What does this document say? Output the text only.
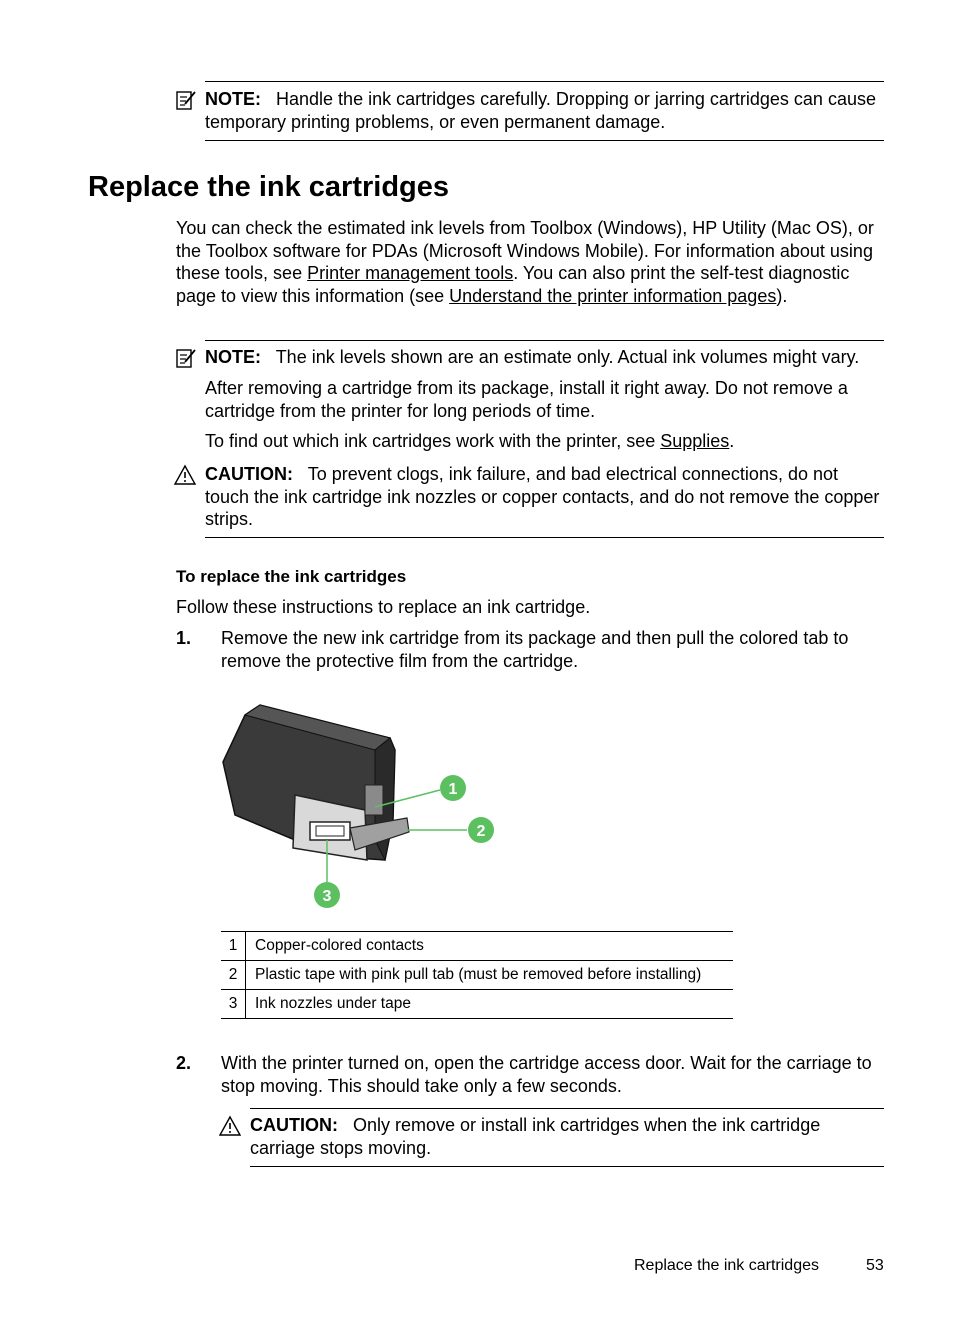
NOTE: Handle the ink cartridges carefully. Dropping or jarring cartridges can cause temporary printing problems, or even permanent damage.
Replace the ink cartridges
You can check the estimated ink levels from Toolbox (Windows), HP Utility (Mac OS), or the Toolbox software for PDAs (Microsoft Windows Mobile). For information about using these tools, see Printer management tools. You can also print the self-test diagnostic page to view this information (see Understand the printer information pages).
NOTE: The ink levels shown are an estimate only. Actual ink volumes might vary.
After removing a cartridge from its package, install it right away. Do not remove a cartridge from the printer for long periods of time.
To find out which ink cartridges work with the printer, see Supplies.
CAUTION: To prevent clogs, ink failure, and bad electrical connections, do not touch the ink cartridge ink nozzles or copper contacts, and do not remove the copper strips.
To replace the ink cartridges
Follow these instructions to replace an ink cartridge.
1. Remove the new ink cartridge from its package and then pull the colored tab to remove the protective film from the cartridge.
1
2
3
1	Copper-colored contacts
2	Plastic tape with pink pull tab (must be removed before installing)
3	Ink nozzles under tape
2. With the printer turned on, open the cartridge access door. Wait for the carriage to stop moving. This should take only a few seconds.
CAUTION: Only remove or install ink cartridges when the ink cartridge carriage stops moving.
Replace the ink cartridges	53
